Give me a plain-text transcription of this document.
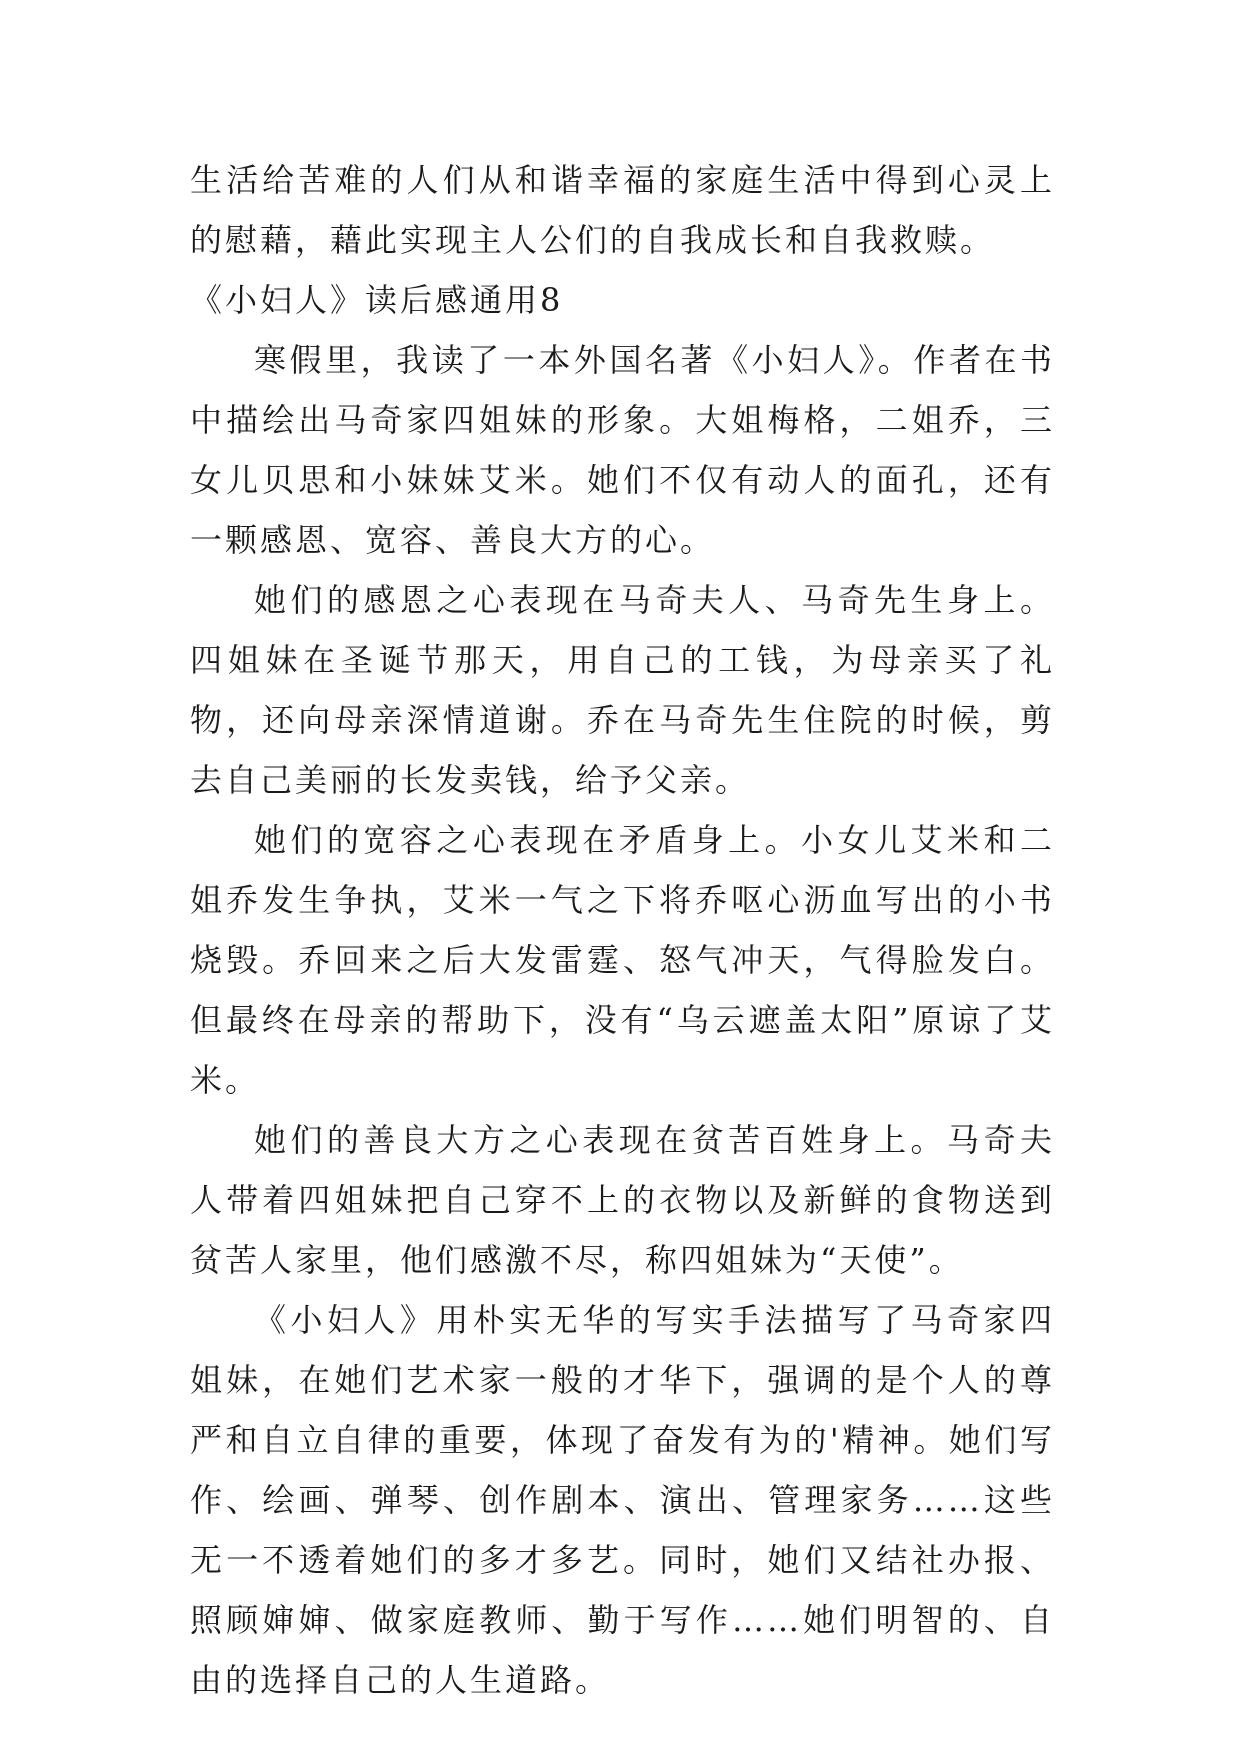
生活给苦难的人们从和谐幸福的家庭生活中得到心灵上的慰藉，藉此实现主人公们的自我成长和自我救赎。

《小妇人》读后感通用8

寒假里，我读了一本外国名著《小妇人》。作者在书中描绘出马奇家四姐妹的形象。大姐梅格，二姐乔，三女儿贝思和小妹妹艾米。她们不仅有动人的面孔，还有一颗感恩、宽容、善良大方的心。

她们的感恩之心表现在马奇夫人、马奇先生身上。四姐妹在圣诞节那天，用自己的工钱，为母亲买了礼物，还向母亲深情道谢。乔在马奇先生住院的时候，剪去自己美丽的长发卖钱，给予父亲。

她们的宽容之心表现在矛盾身上。小女儿艾米和二姐乔发生争执，艾米一气之下将乔呕心沥血写出的小书烧毁。乔回来之后大发雷霆、怒气冲天，气得脸发白。但最终在母亲的帮助下，没有“乌云遮盖太阳”原谅了艾米。

她们的善良大方之心表现在贫苦百姓身上。马奇夫人带着四姐妹把自己穿不上的衣物以及新鲜的食物送到贫苦人家里，他们感激不尽，称四姐妹为“天使”。

《小妇人》用朴实无华的写实手法描写了马奇家四姐妹，在她们艺术家一般的才华下，强调的是个人的尊严和自立自律的重要，体现了奋发有为的'精神。她们写作、绘画、弹琴、创作剧本、演出、管理家务……这些无一不透着她们的多才多艺。同时，她们又结社办报、照顾婶婶、做家庭教师、勤于写作……她们明智的、自由的选择自己的人生道路。
